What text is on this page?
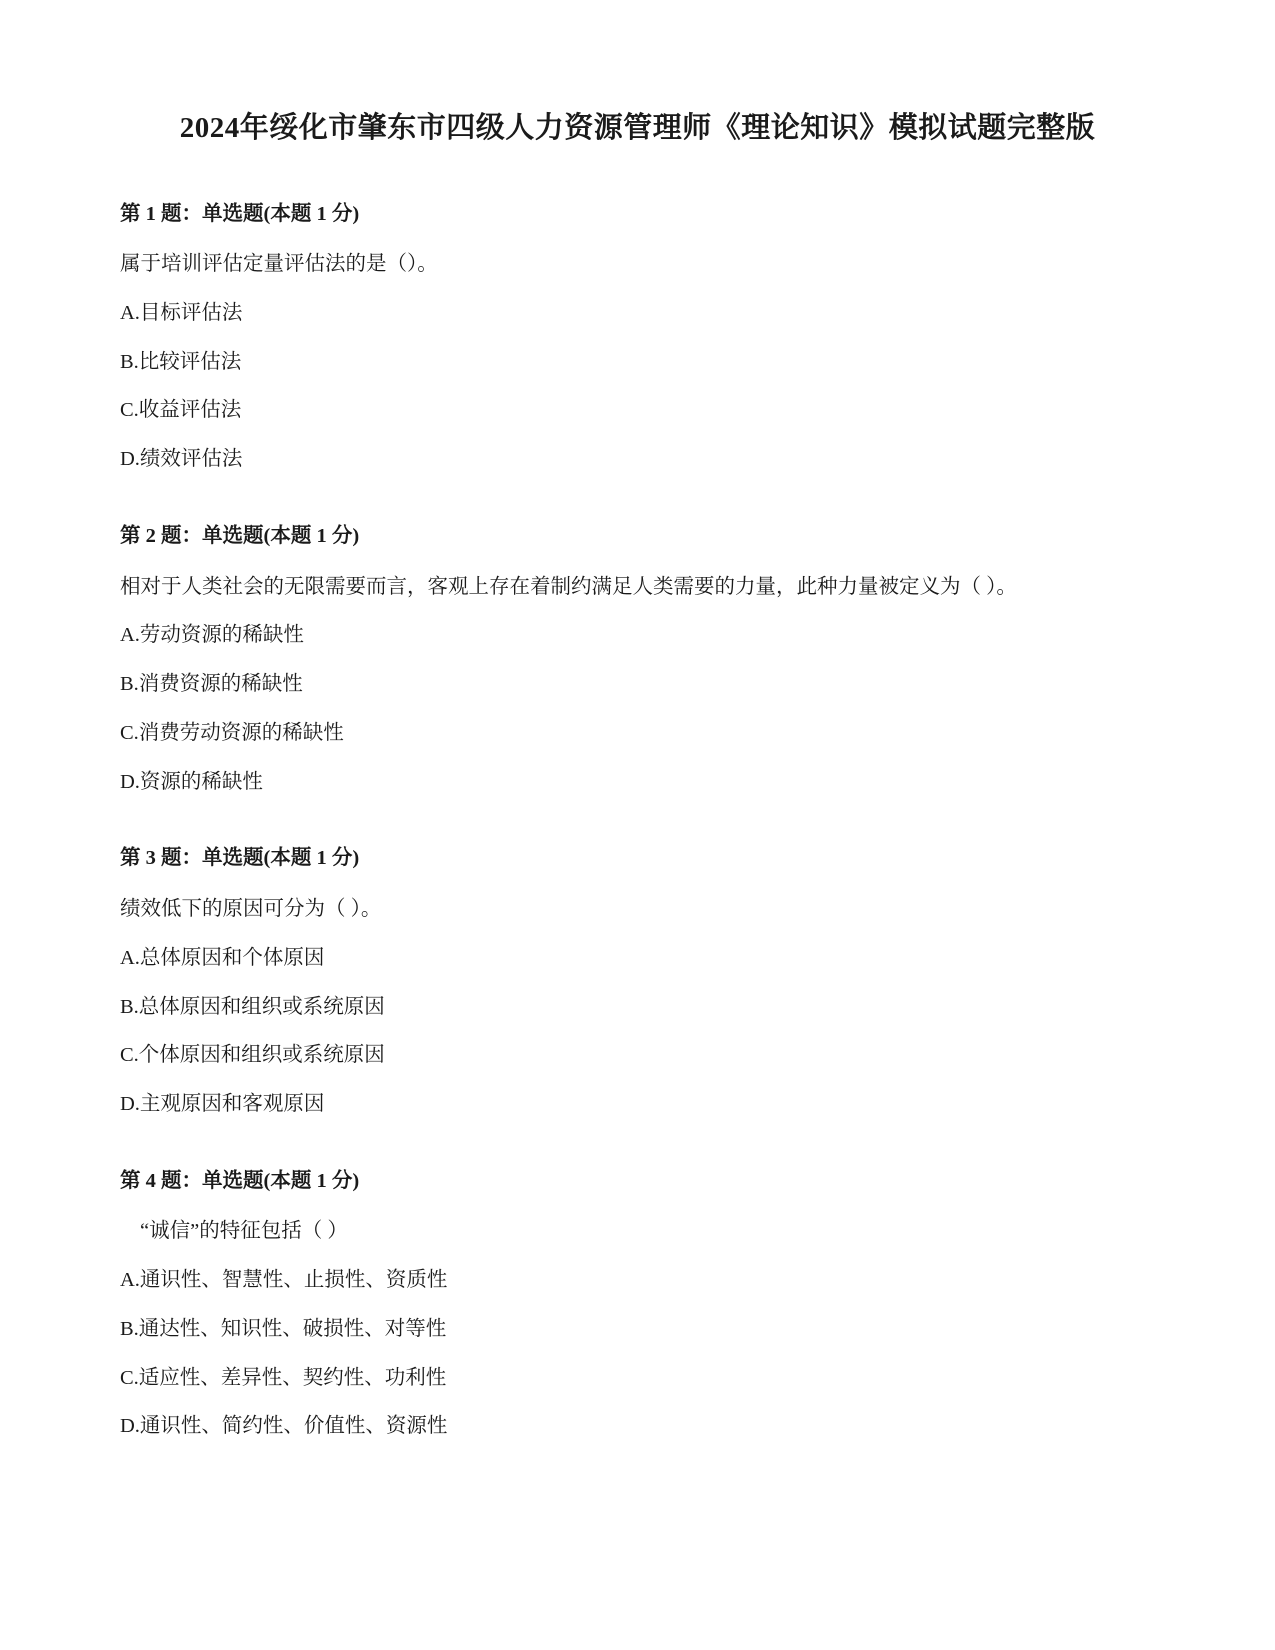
2024年绥化市肇东市四级人力资源管理师《理论知识》模拟试题完整版
第 1 题：单选题(本题 1 分)
属于培训评估定量评估法的是（）。
A.目标评估法
B.比较评估法
C.收益评估法
D.绩效评估法
第 2 题：单选题(本题 1 分)
相对于人类社会的无限需要而言，客观上存在着制约满足人类需要的力量，此种力量被定义为（ ）。
A.劳动资源的稀缺性
B.消费资源的稀缺性
C.消费劳动资源的稀缺性
D.资源的稀缺性
第 3 题：单选题(本题 1 分)
绩效低下的原因可分为（ ）。
A.总体原因和个体原因
B.总体原因和组织或系统原因
C.个体原因和组织或系统原因
D.主观原因和客观原因
第 4 题：单选题(本题 1 分)
“诚信”的特征包括（ ）
A.通识性、智慧性、止损性、资质性
B.通达性、知识性、破损性、对等性
C.适应性、差异性、契约性、功利性
D.通识性、简约性、价值性、资源性
